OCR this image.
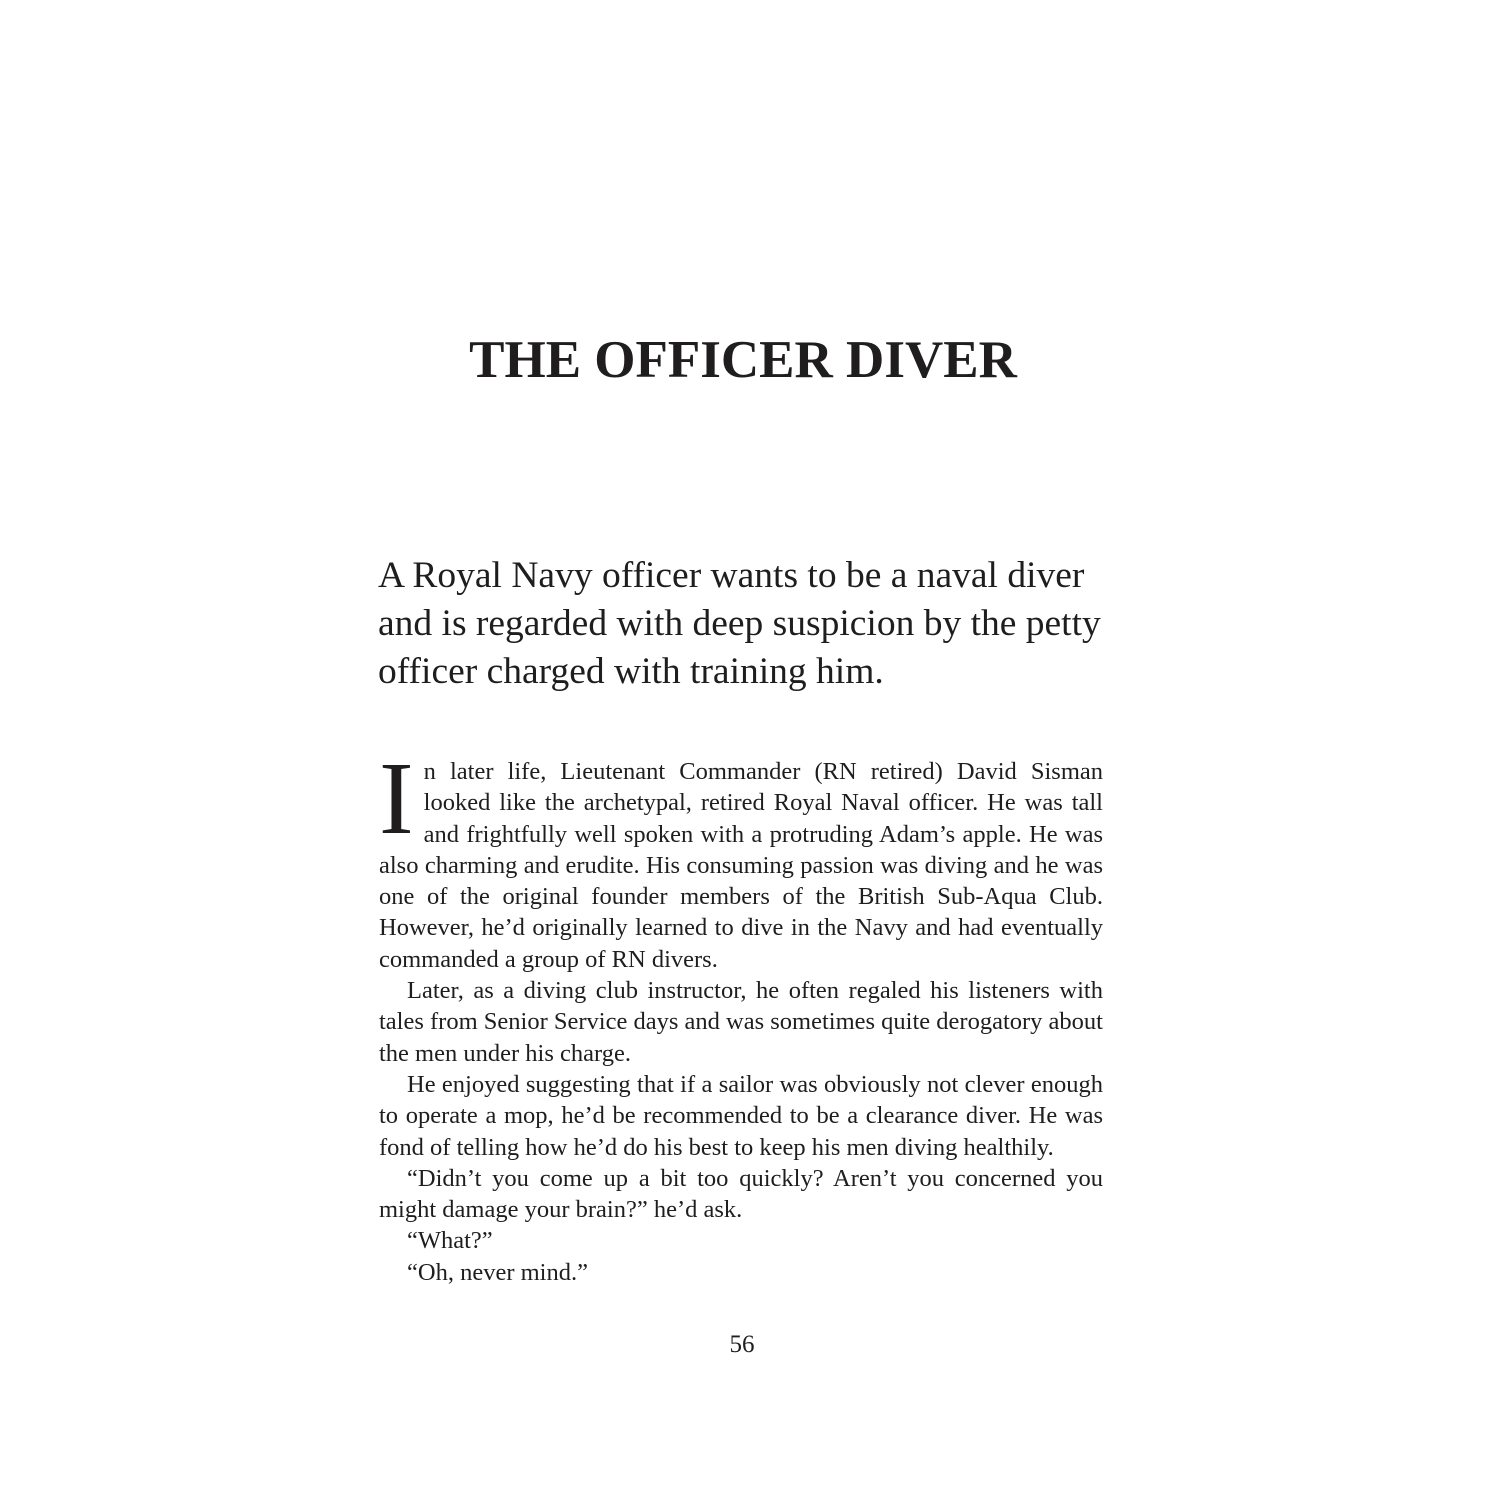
THE OFFICER DIVER

A Royal Navy officer wants to be a naval diver and is regarded with deep suspicion by the petty officer charged with training him.

In later life, Lieutenant Commander (RN retired) David Sisman looked like the archetypal, retired Royal Naval officer. He was tall and frightfully well spoken with a protruding Adam’s apple. He was also charming and erudite. His consuming passion was diving and he was one of the original founder members of the British Sub-Aqua Club. However, he’d originally learned to dive in the Navy and had eventually commanded a group of RN divers.

Later, as a diving club instructor, he often regaled his listeners with tales from Senior Service days and was sometimes quite derogatory about the men under his charge.

He enjoyed suggesting that if a sailor was obviously not clever enough to operate a mop, he’d be recommended to be a clearance diver. He was fond of telling how he’d do his best to keep his men diving healthily.

“Didn’t you come up a bit too quickly? Aren’t you concerned you might damage your brain?” he’d ask.

“What?”

“Oh, never mind.”

56
